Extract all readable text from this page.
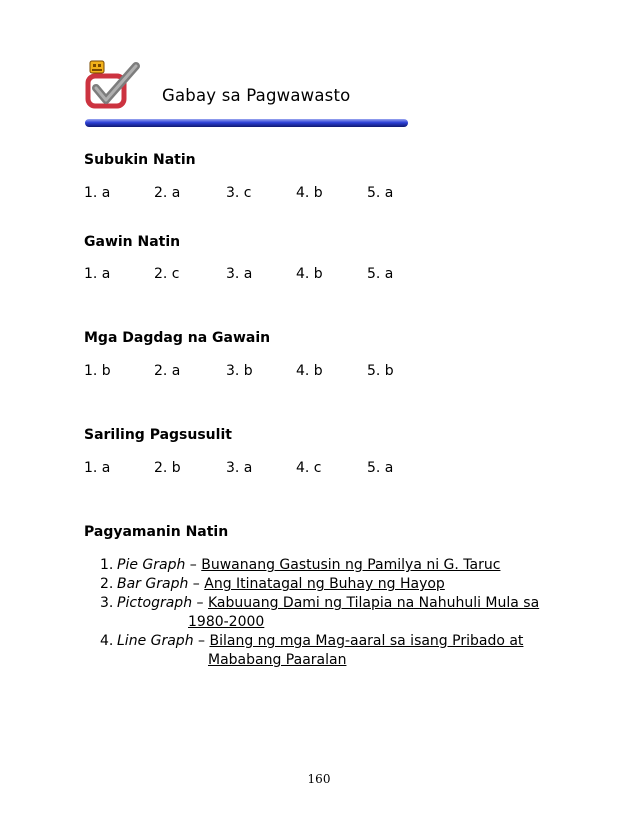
Gabay sa Pagwawasto
Subukin Natin
1. a	2. a	3. c	4. b	5. a
Gawin Natin
1. a	2. c	3. a	4. b	5. a
Mga Dagdag na Gawain
1. b	2. a	3. b	4. b	5. b
Sariling Pagsusulit
1. a	2. b	3. a	4. c	5. a
Pagyamanin Natin
1. Pie Graph – Buwanang Gastusin ng Pamilya ni G. Taruc
2. Bar Graph – Ang Itinatagal ng Buhay ng Hayop
3. Pictograph – Kabuuang Dami ng Tilapia na Nahuhuli Mula sa
1980-2000
4. Line Graph – Bilang ng mga Mag-aaral sa isang Pribado at
Mababang Paaralan
160
